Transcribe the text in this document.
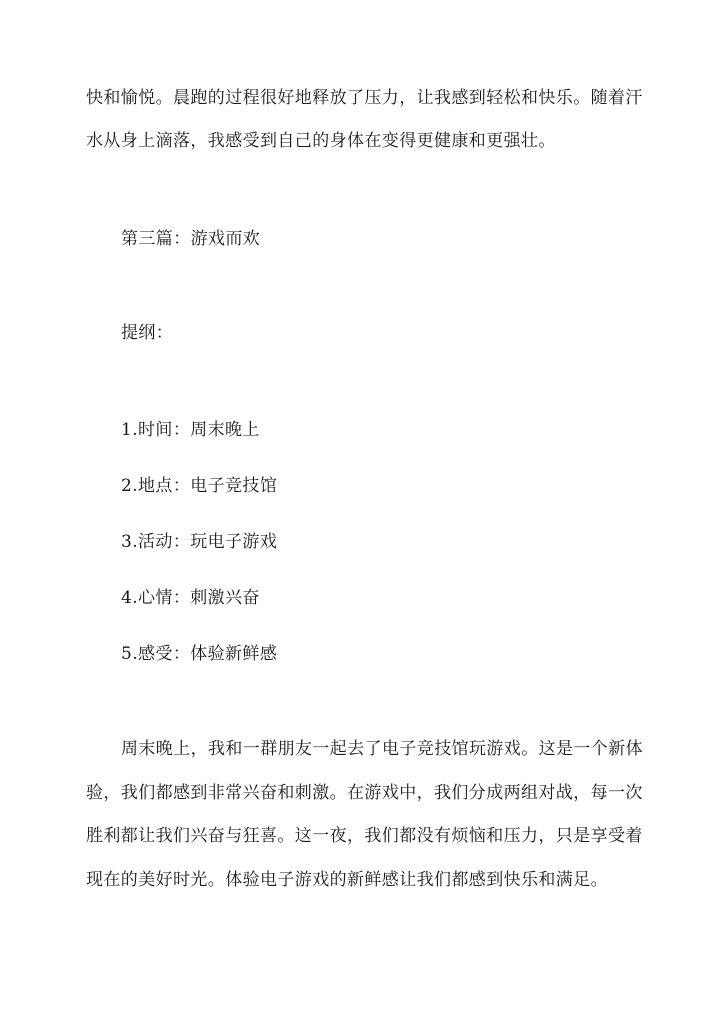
快和愉悦。晨跑的过程很好地释放了压力，让我感到轻松和快乐。随着汗
水从身上滴落，我感受到自己的身体在变得更健康和更强壮。
第三篇：游戏而欢
提纲：
1.时间：周末晚上
2.地点：电子竞技馆
3.活动：玩电子游戏
4.心情：刺激兴奋
5.感受：体验新鲜感
周末晚上，我和一群朋友一起去了电子竞技馆玩游戏。这是一个新体
验，我们都感到非常兴奋和刺激。在游戏中，我们分成两组对战，每一次
胜利都让我们兴奋与狂喜。这一夜，我们都没有烦恼和压力，只是享受着
现在的美好时光。体验电子游戏的新鲜感让我们都感到快乐和满足。
